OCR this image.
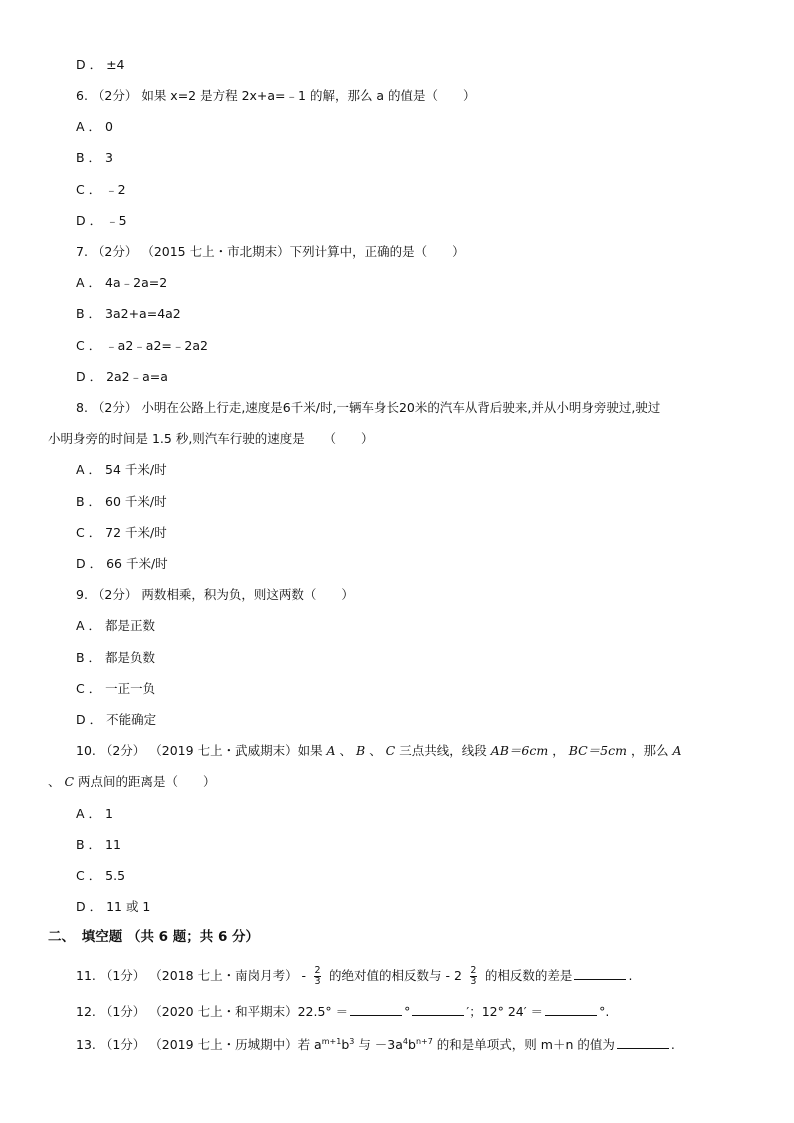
D ． ±4
6. （2分） 如果 x=2 是方程 2x+a=﹣1 的解，那么 a 的值是（　　）
A ． 0
B ． 3
C ． ﹣2
D ． ﹣5
7. （2分） （2015 七上・市北期末）下列计算中，正确的是（　　）
A ． 4a﹣2a=2
B ． 3a2+a=4a2
C ． ﹣a2﹣a2=﹣2a2
D ． 2a2﹣a=a
8. （2分） 小明在公路上行走,速度是6千米/时,一辆车身长20米的汽车从背后驶来,并从小明身旁驶过,驶过
小明身旁的时间是 1.5 秒,则汽车行驶的速度是　　（　　）
A ． 54 千米/时
B ． 60 千米/时
C ． 72 千米/时
D ． 66 千米/时
9. （2分） 两数相乘，积为负，则这两数（　　）
A ． 都是正数
B ． 都是负数
C ． 一正一负
D ． 不能确定
10. （2分） （2019 七上・武威期末）如果 A 、 B 、 C 三点共线，线段 AB＝6cm ， BC＝5cm ，那么 A
、 C 两点间的距离是（　　）
A ． 1
B ． 11
C ． 5.5
D ． 11 或 1
二、　填空题 （共 6 题；共 6 分）
11. （1分） （2018 七上・南岗月考） - $\frac{2}{3}$ 的绝对值的相反数与 - $2 \frac{2}{3}$ 的相反数的差是	.
12. （1分） （2020 七上・和平期末）22.5° ＝	°	′；12° 24′ ＝	°.
13. （1分） （2019 七上・历城期中）若 $a^{m+1}b^3$ 与 $-3a^4b^{n+7}$ 的和是单项式，则 m＋n 的值为	.
